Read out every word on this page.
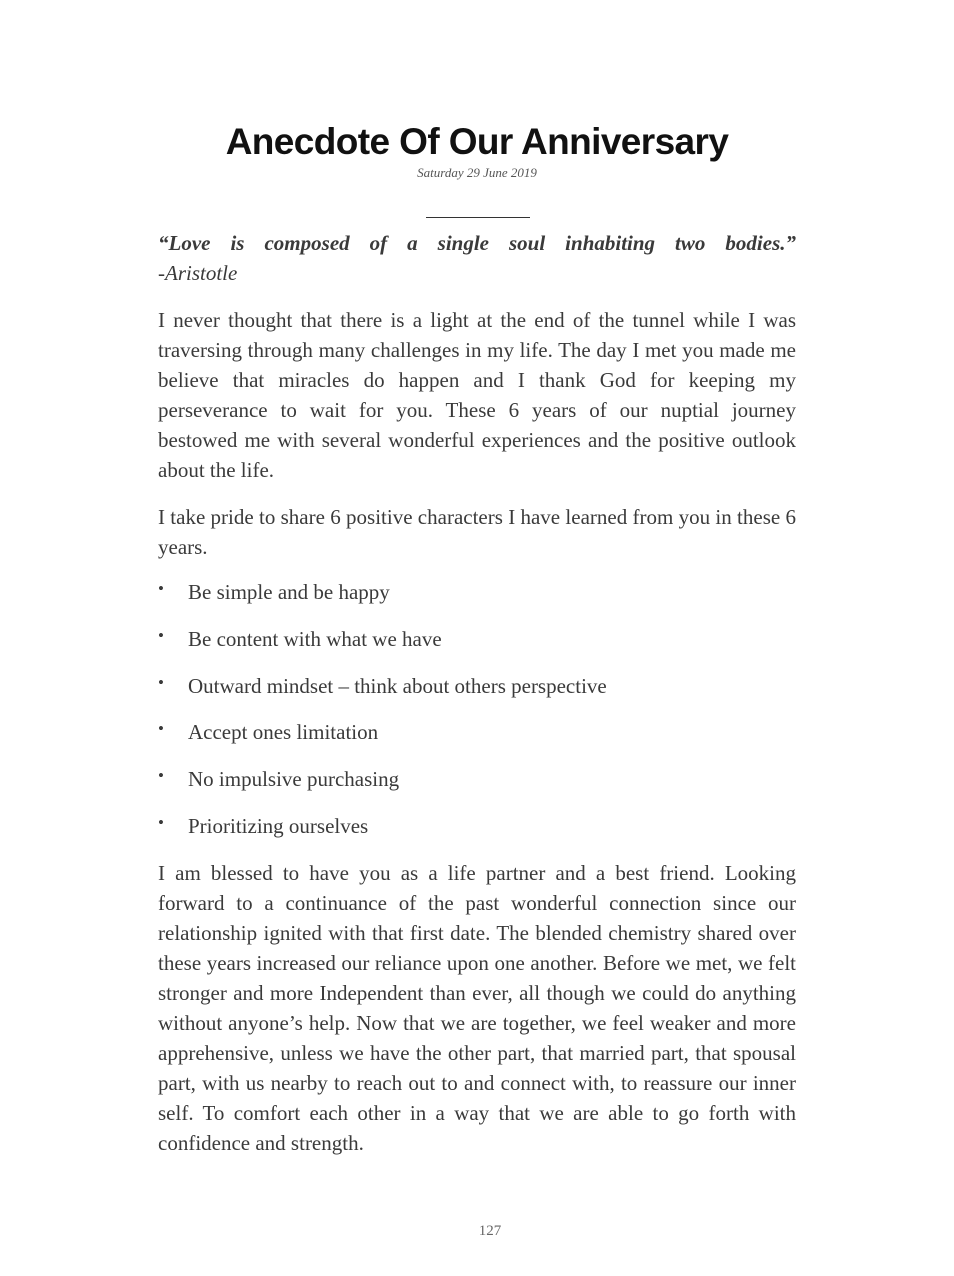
Anecdote Of Our Anniversary
Saturday 29 June 2019

“Love is composed of a single soul inhabiting two bodies.”
-Aristotle

I never thought that there is a light at the end of the tunnel while I was traversing through many challenges in my life. The day I met you made me believe that miracles do happen and I thank God for keeping my perseverance to wait for you. These 6 years of our nuptial journey bestowed me with several wonderful experiences and the positive outlook about the life.

I take pride to share 6 positive characters I have learned from you in these 6 years.

• Be simple and be happy
• Be content with what we have
• Outward mindset – think about others perspective
• Accept ones limitation
• No impulsive purchasing
• Prioritizing ourselves

I am blessed to have you as a life partner and a best friend. Looking forward to a continuance of the past wonderful connection since our relationship ignited with that first date. The blended chemistry shared over these years increased our reliance upon one another. Before we met, we felt stronger and more Independent than ever, all though we could do anything without anyone’s help. Now that we are together, we feel weaker and more apprehensive, unless we have the other part, that married part, that spousal part, with us nearby to reach out to and connect with, to reassure our inner self. To comfort each other in a way that we are able to go forth with confidence and strength.

127
